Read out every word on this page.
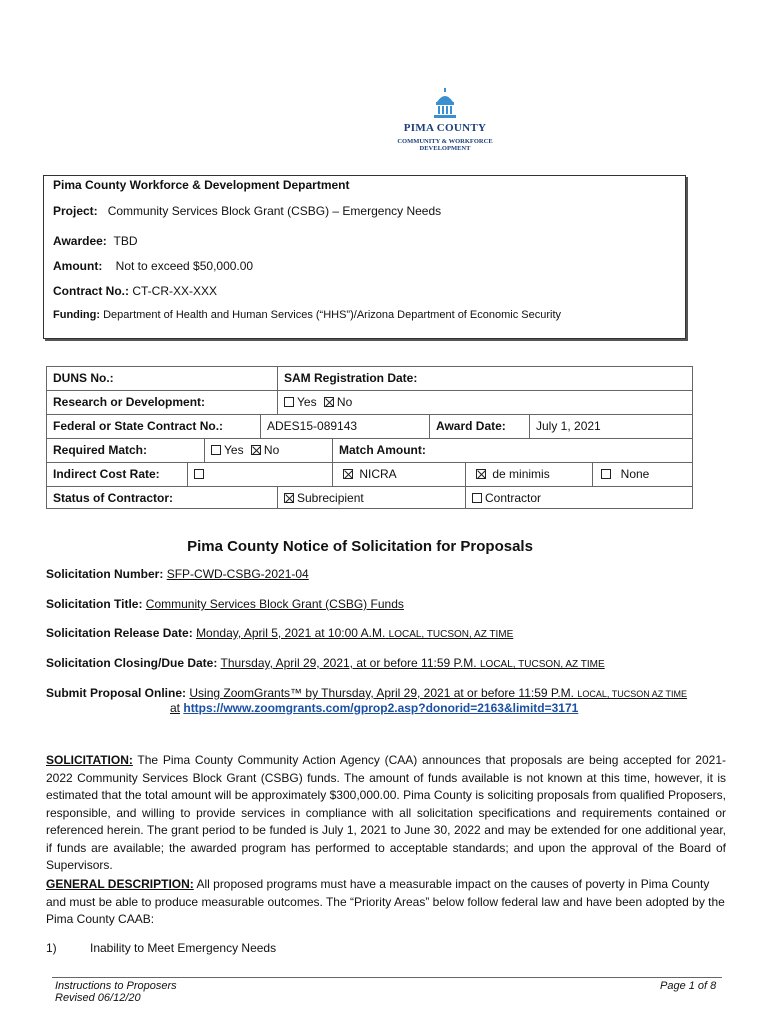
PIMA COUNTY
COMMUNITY & WORKFORCE
DEVELOPMENT
Pima County Workforce & Development Department
Project: Community Services Block Grant (CSBG) – Emergency Needs
Awardee: TBD
Amount: Not to exceed $50,000.00
Contract No.: CT-CR-XX-XXX
Funding: Department of Health and Human Services (“HHS”)/Arizona Department of Economic Security
DUNS No.:	SAM Registration Date:
Research or Development:	Yes No
Federal or State Contract No.:	ADES15-089143	Award Date:	July 1, 2021
Required Match:	Yes No	Match Amount:
Indirect Cost Rate:	NICRA	de minimis	None
Status of Contractor:	Subrecipient	Contractor
Pima County Notice of Solicitation for Proposals
Solicitation Number: SFP-CWD-CSBG-2021-04
Solicitation Title: Community Services Block Grant (CSBG) Funds
Solicitation Release Date: Monday, April 5, 2021 at 10:00 A.M. LOCAL, TUCSON, AZ TIME
Solicitation Closing/Due Date: Thursday, April 29, 2021, at or before 11:59 P.M. LOCAL, TUCSON, AZ TIME
Submit Proposal Online: Using ZoomGrants™ by Thursday, April 29, 2021 at or before 11:59 P.M. LOCAL, TUCSON AZ TIME
at https://www.zoomgrants.com/gprop2.asp?donorid=2163&limitd=3171
SOLICITATION: The Pima County Community Action Agency (CAA) announces that proposals are being accepted for 2021-2022 Community Services Block Grant (CSBG) funds. The amount of funds available is not known at this time, however, it is estimated that the total amount will be approximately $300,000.00. Pima County is soliciting proposals from qualified Proposers, responsible, and willing to provide services in compliance with all solicitation specifications and requirements contained or referenced herein. The grant period to be funded is July 1, 2021 to June 30, 2022 and may be extended for one additional year, if funds are available; the awarded program has performed to acceptable standards; and upon the approval of the Board of Supervisors.
GENERAL DESCRIPTION: All proposed programs must have a measurable impact on the causes of poverty in Pima County and must be able to produce measurable outcomes. The “Priority Areas” below follow federal law and have been adopted by the Pima County CAAB:
1)	Inability to Meet Emergency Needs
Instructions to Proposers
Revised 06/12/20
Page 1 of 8
